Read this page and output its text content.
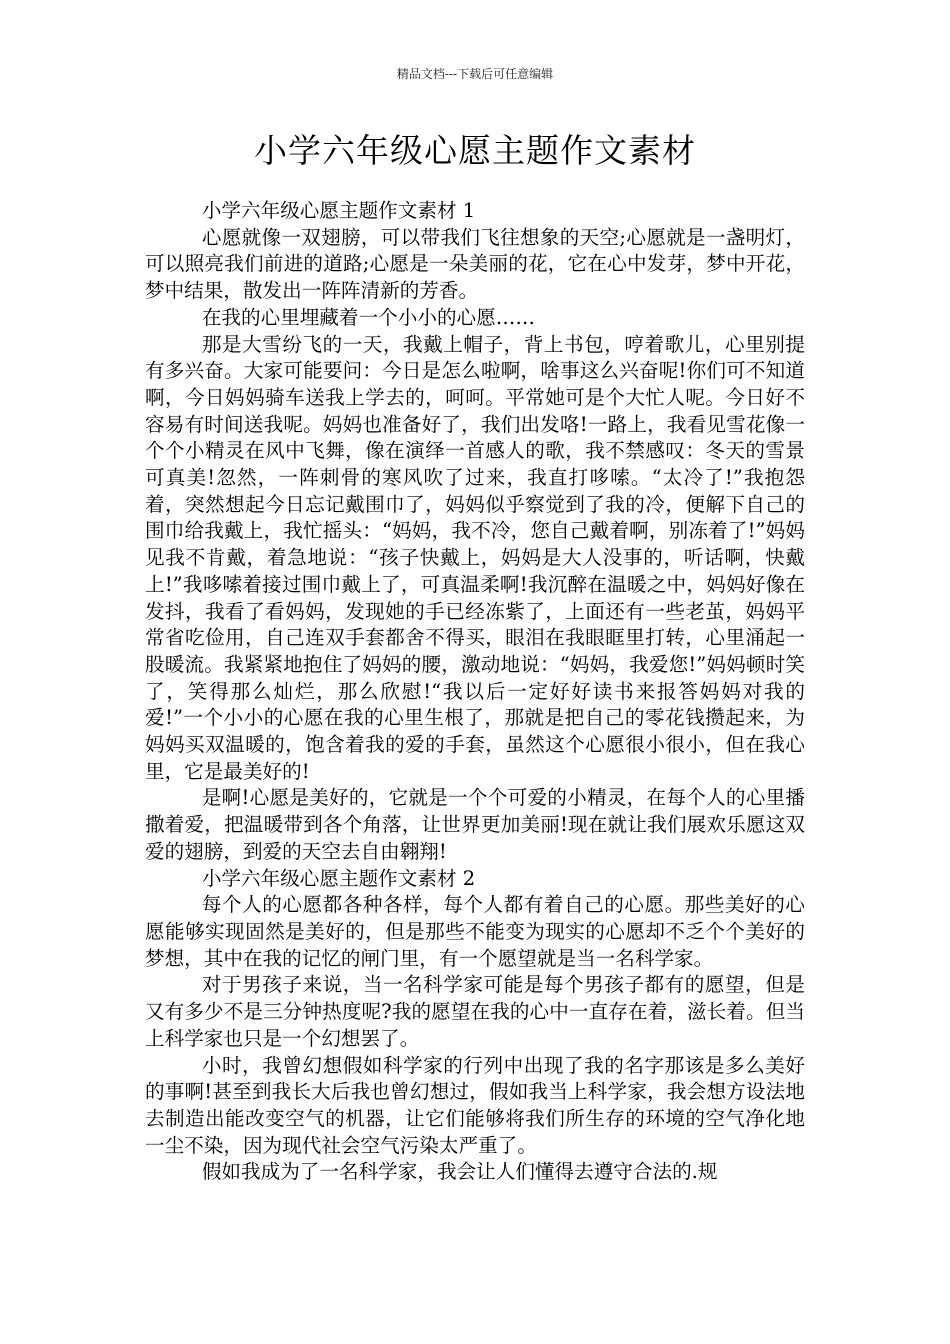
精品文档---下载后可任意编辑
小学六年级心愿主题作文素材

小学六年级心愿主题作文素材 1

心愿就像一双翅膀，可以带我们飞往想象的天空;心愿就是一盏明灯，可以照亮我们前进的道路;心愿是一朵美丽的花，它在心中发芽，梦中开花，梦中结果，散发出一阵阵清新的芳香。

在我的心里埋藏着一个小小的心愿……

那是大雪纷飞的一天，我戴上帽子，背上书包，哼着歌儿，心里别提有多兴奋。大家可能要问：今日是怎么啦啊，啥事这么兴奋呢!你们可不知道啊，今日妈妈骑车送我上学去的，呵呵。平常她可是个大忙人呢。今日好不容易有时间送我呢。妈妈也准备好了，我们出发咯!一路上，我看见雪花像一个个小精灵在风中飞舞，像在演绎一首感人的歌，我不禁感叹：冬天的雪景可真美!忽然，一阵刺骨的寒风吹了过来，我直打哆嗦。“太冷了!”我抱怨着，突然想起今日忘记戴围巾了，妈妈似乎察觉到了我的冷，便解下自己的围巾给我戴上，我忙摇头：“妈妈，我不冷，您自己戴着啊，别冻着了!”妈妈见我不肯戴，着急地说：“孩子快戴上，妈妈是大人没事的，听话啊，快戴上!”我哆嗦着接过围巾戴上了，可真温柔啊!我沉醉在温暖之中，妈妈好像在发抖，我看了看妈妈，发现她的手已经冻紫了，上面还有一些老茧，妈妈平常省吃俭用，自己连双手套都舍不得买，眼泪在我眼眶里打转，心里涌起一股暖流。我紧紧地抱住了妈妈的腰，激动地说：“妈妈，我爱您!”妈妈顿时笑了，笑得那么灿烂，那么欣慰!“我以后一定好好读书来报答妈妈对我的爱!”一个小小的心愿在我的心里生根了，那就是把自己的零花钱攒起来，为妈妈买双温暖的，饱含着我的爱的手套，虽然这个心愿很小很小，但在我心里，它是最美好的!

是啊!心愿是美好的，它就是一个个可爱的小精灵，在每个人的心里播撒着爱，把温暖带到各个角落，让世界更加美丽!现在就让我们展欢乐愿这双爱的翅膀，到爱的天空去自由翱翔!

小学六年级心愿主题作文素材 2

每个人的心愿都各种各样，每个人都有着自己的心愿。那些美好的心愿能够实现固然是美好的，但是那些不能变为现实的心愿却不乏个个美好的梦想，其中在我的记忆的闸门里，有一个愿望就是当一名科学家。

对于男孩子来说，当一名科学家可能是每个男孩子都有的愿望，但是又有多少不是三分钟热度呢?我的愿望在我的心中一直存在着，滋长着。但当上科学家也只是一个幻想罢了。

小时，我曾幻想假如科学家的行列中出现了我的名字那该是多么美好的事啊!甚至到我长大后我也曾幻想过，假如我当上科学家，我会想方设法地去制造出能改变空气的机器，让它们能够将我们所生存的环境的空气净化地一尘不染，因为现代社会空气污染太严重了。

假如我成为了一名科学家，我会让人们懂得去遵守合法的.规
